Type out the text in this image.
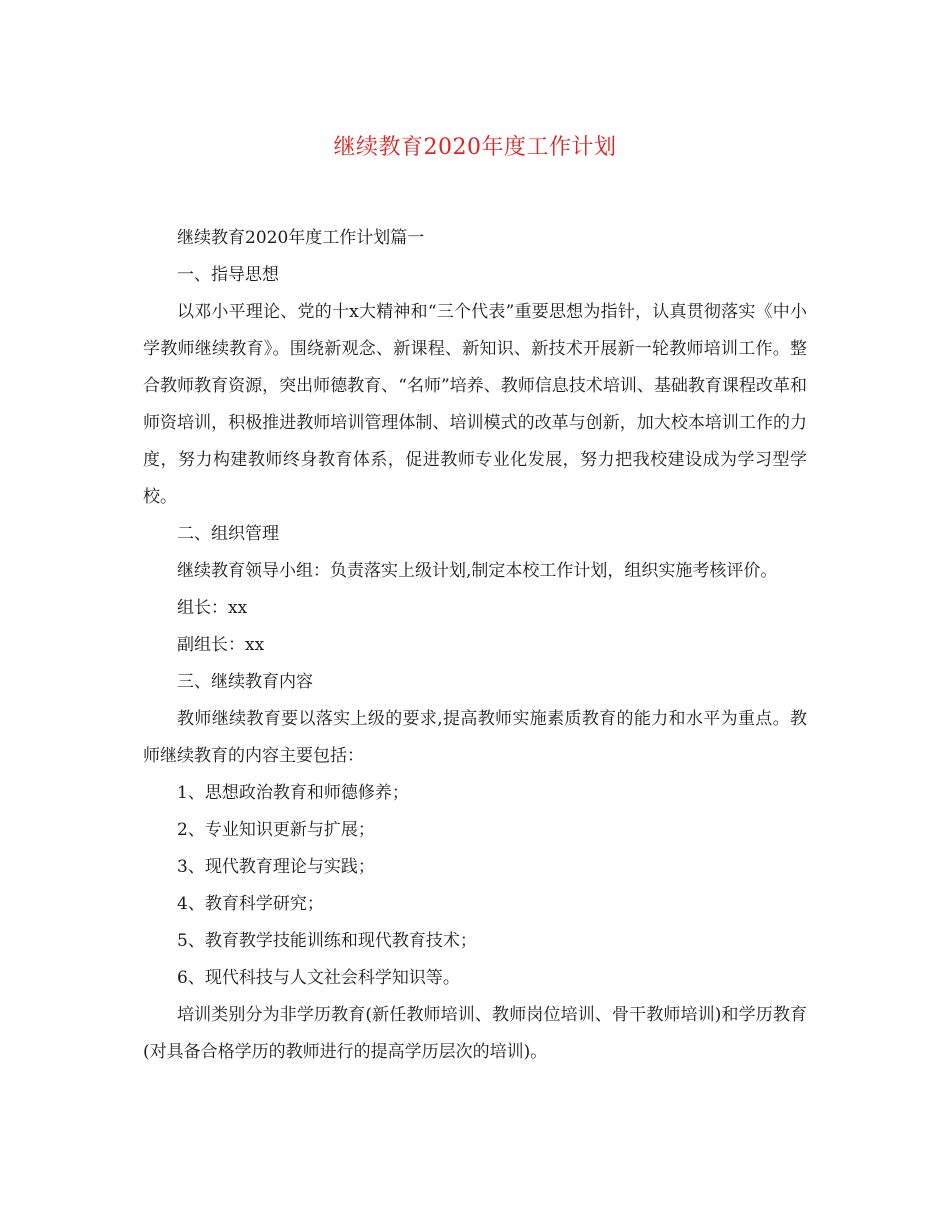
继续教育2020年度工作计划

继续教育2020年度工作计划篇一

一、指导思想

以邓小平理论、党的十x大精神和“三个代表”重要思想为指针，认真贯彻落实《中小学教师继续教育》。围绕新观念、新课程、新知识、新技术开展新一轮教师培训工作。整合教师教育资源，突出师德教育、“名师”培养、教师信息技术培训、基础教育课程改革和师资培训，积极推进教师培训管理体制、培训模式的改革与创新，加大校本培训工作的力度，努力构建教师终身教育体系，促进教师专业化发展，努力把我校建设成为学习型学校。

二、组织管理

继续教育领导小组：负责落实上级计划,制定本校工作计划，组织实施考核评价。

组长：xx

副组长：xx

三、继续教育内容

教师继续教育要以落实上级的要求,提高教师实施素质教育的能力和水平为重点。教师继续教育的内容主要包括：

1、思想政治教育和师德修养；

2、专业知识更新与扩展；

3、现代教育理论与实践；

4、教育科学研究；

5、教育教学技能训练和现代教育技术；

6、现代科技与人文社会科学知识等。

培训类别分为非学历教育(新任教师培训、教师岗位培训、骨干教师培训)和学历教育(对具备合格学历的教师进行的提高学历层次的培训)。
